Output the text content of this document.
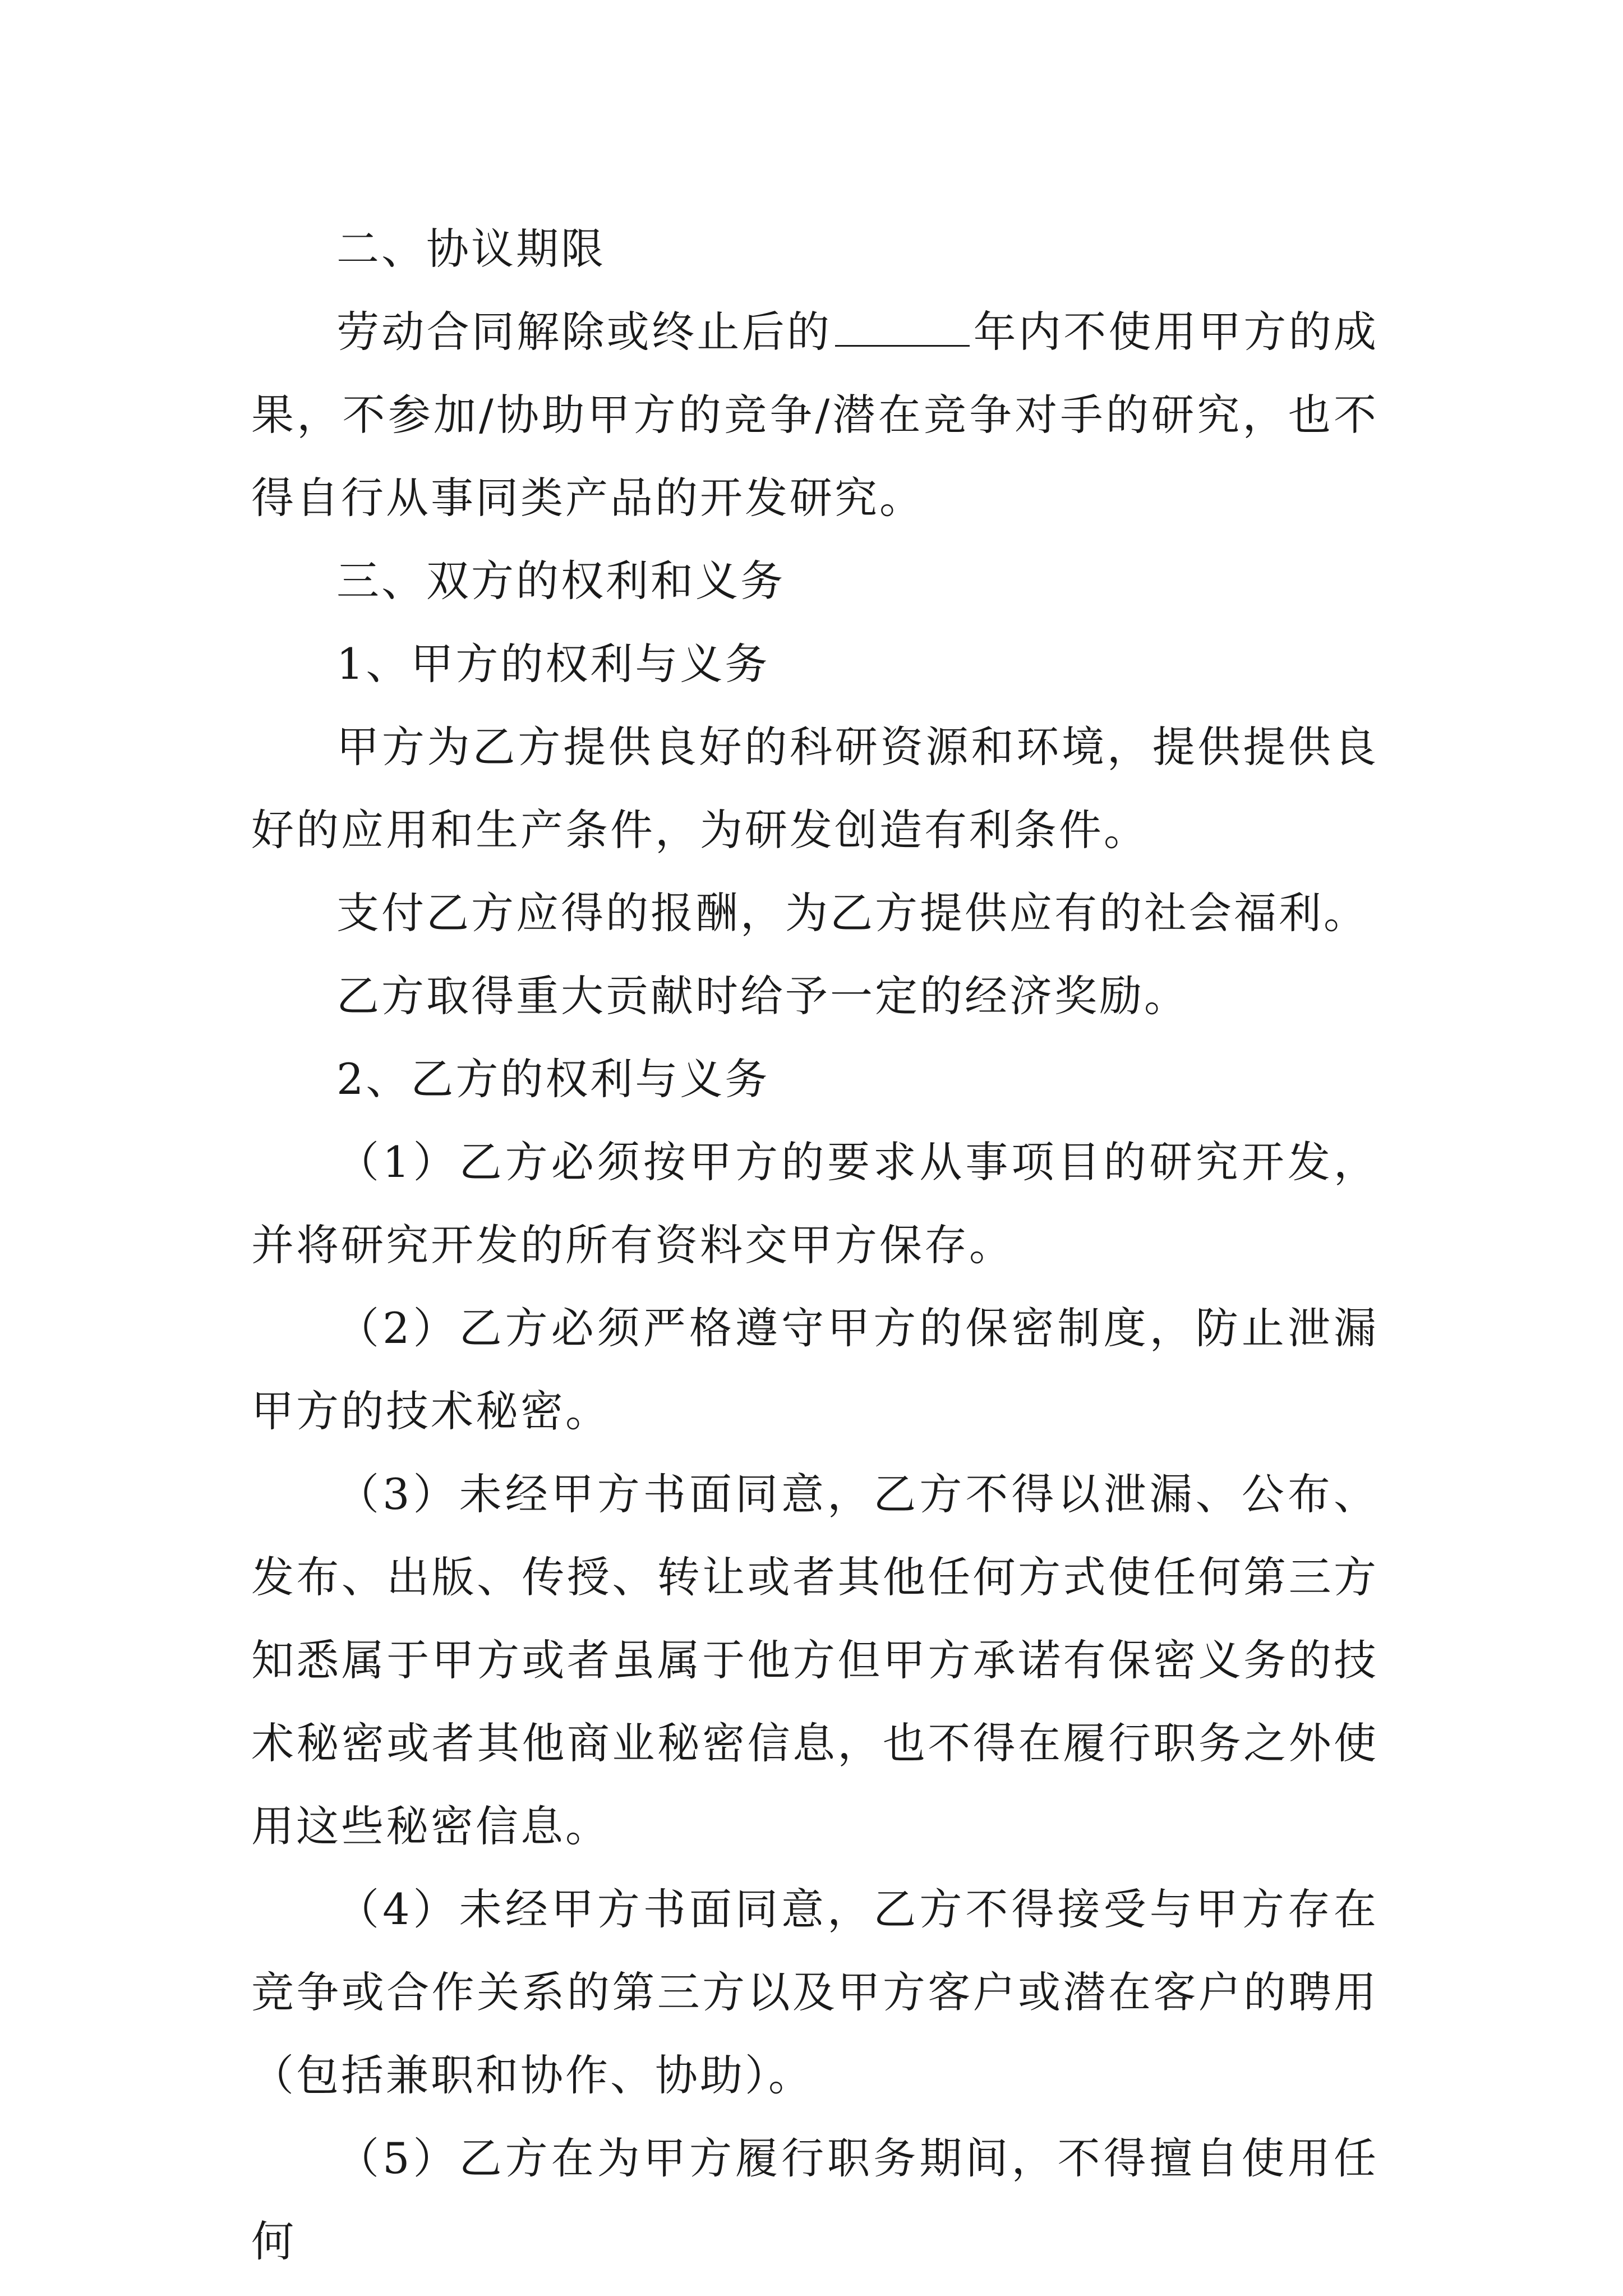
二、协议期限

劳动合同解除或终止后的	年内不使用甲方的成果，不参加/协助甲方的竞争/潜在竞争对手的研究，也不得自行从事同类产品的开发研究。

三、双方的权利和义务

1、甲方的权利与义务

甲方为乙方提供良好的科研资源和环境，提供提供良好的应用和生产条件，为研发创造有利条件。

支付乙方应得的报酬，为乙方提供应有的社会福利。

乙方取得重大贡献时给予一定的经济奖励。

2、乙方的权利与义务

（1）乙方必须按甲方的要求从事项目的研究开发，并将研究开发的所有资料交甲方保存。

（2）乙方必须严格遵守甲方的保密制度，防止泄漏甲方的技术秘密。

（3）未经甲方书面同意，乙方不得以泄漏、公布、发布、出版、传授、转让或者其他任何方式使任何第三方知悉属于甲方或者虽属于他方但甲方承诺有保密义务的技术秘密或者其他商业秘密信息，也不得在履行职务之外使用这些秘密信息。

（4）未经甲方书面同意，乙方不得接受与甲方存在竞争或合作关系的第三方以及甲方客户或潜在客户的聘用（包括兼职和协作、协助）。

（5）乙方在为甲方履行职务期间，不得擅自使用任何
